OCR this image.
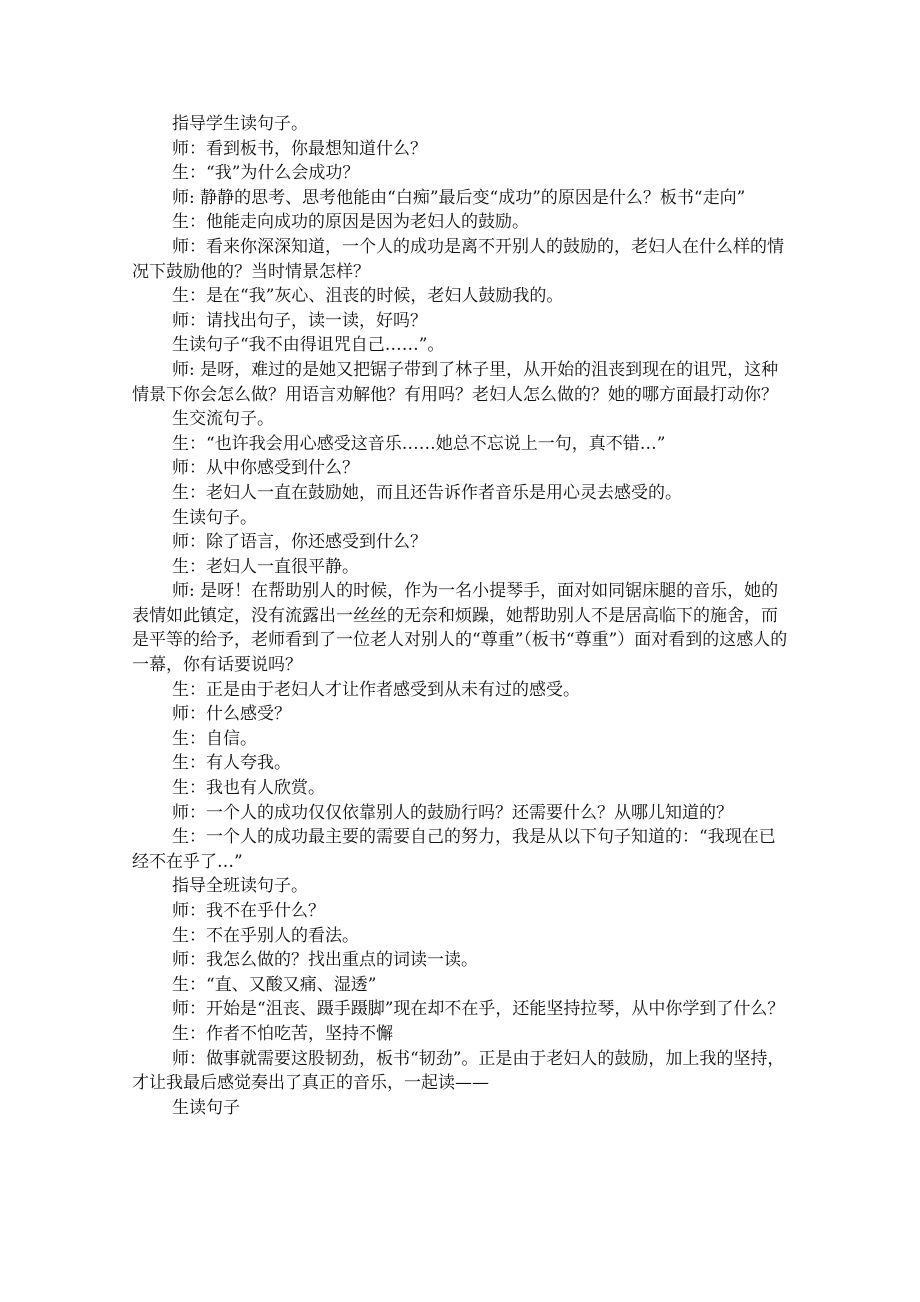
指导学生读句子。

师：看到板书，你最想知道什么？

生：“我”为什么会成功？

师: 静静的思考、思考他能由“白痴”最后变“成功”的原因是什么？板书“走向”

生：他能走向成功的原因是因为老妇人的鼓励。

师：看来你深深知道，一个人的成功是离不开别人的鼓励的，老妇人在什么样的情况下鼓励他的？当时情景怎样？

生：是在“我”灰心、沮丧的时候，老妇人鼓励我的。

师：请找出句子，读一读，好吗？

生读句子“我不由得诅咒自己……”。

师: 是呀，难过的是她又把锯子带到了林子里，从开始的沮丧到现在的诅咒，这种情景下你会怎么做？用语言劝解他？有用吗？老妇人怎么做的？她的哪方面最打动你？

生交流句子。

生：“也许我会用心感受这音乐……她总不忘说上一句，真不错…”

师：从中你感受到什么？

生：老妇人一直在鼓励她，而且还告诉作者音乐是用心灵去感受的。

生读句子。

师：除了语言，你还感受到什么？

生：老妇人一直很平静。

师: 是呀！在帮助别人的时候，作为一名小提琴手，面对如同锯床腿的音乐，她的表情如此镇定，没有流露出一丝丝的无奈和烦躁，她帮助别人不是居高临下的施舍，而是平等的给予，老师看到了一位老人对别人的“尊重”（板书“尊重”）面对看到的这感人的一幕，你有话要说吗？

生：正是由于老妇人才让作者感受到从未有过的感受。

师：什么感受？

生：自信。

生：有人夸我。

生：我也有人欣赏。

师：一个人的成功仅仅依靠别人的鼓励行吗？还需要什么？从哪儿知道的？

生：一个人的成功最主要的需要自己的努力，我是从以下句子知道的：“我现在已经不在乎了…”

指导全班读句子。

师：我不在乎什么？

生：不在乎别人的看法。

师：我怎么做的？找出重点的词读一读。

生：“直、又酸又痛、湿透”

师：开始是“沮丧、蹑手蹑脚”现在却不在乎，还能坚持拉琴，从中你学到了什么？

生：作者不怕吃苦，坚持不懈

师：做事就需要这股韧劲，板书“韧劲”。正是由于老妇人的鼓励，加上我的坚持，才让我最后感觉奏出了真正的音乐，一起读——

生读句子
